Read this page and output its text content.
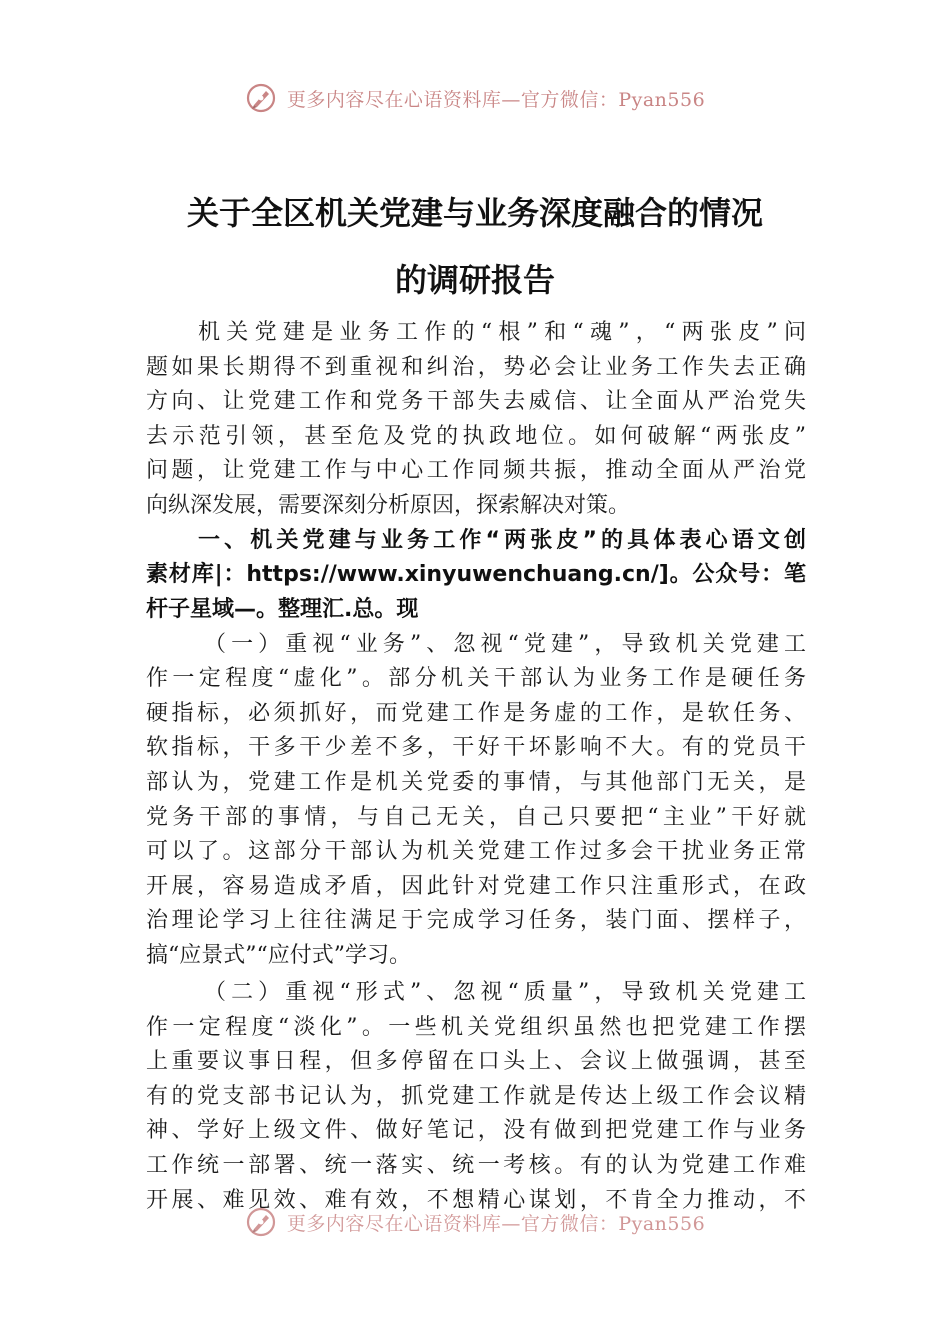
更多内容尽在心语资料库—官方微信：Pyan556
关于全区机关党建与业务深度融合的情况
的调研报告
机关党建是业务工作的“根”和“魂”，“两张皮”问
题如果长期得不到重视和纠治，势必会让业务工作失去正确
方向、让党建工作和党务干部失去威信、让全面从严治党失
去示范引领，甚至危及党的执政地位。如何破解“两张皮”
问题，让党建工作与中心工作同频共振，推动全面从严治党
向纵深发展，需要深刻分析原因，探索解决对策。
一、机关党建与业务工作“两张皮”的具体表心语文创
素材库|：https://www.xinyuwenchuang.cn/]。公众号：笔
杆子星域—。整理汇.总。现
（一）重视“业务”、忽视“党建”，导致机关党建工
作一定程度“虚化”。部分机关干部认为业务工作是硬任务
硬指标，必须抓好，而党建工作是务虚的工作，是软任务、
软指标，干多干少差不多，干好干坏影响不大。有的党员干
部认为，党建工作是机关党委的事情，与其他部门无关，是
党务干部的事情，与自己无关，自己只要把“主业”干好就
可以了。这部分干部认为机关党建工作过多会干扰业务正常
开展，容易造成矛盾，因此针对党建工作只注重形式，在政
治理论学习上往往满足于完成学习任务，装门面、摆样子，
搞“应景式”“应付式”学习。
（二）重视“形式”、忽视“质量”，导致机关党建工
作一定程度“淡化”。一些机关党组织虽然也把党建工作摆
上重要议事日程，但多停留在口头上、会议上做强调，甚至
有的党支部书记认为，抓党建工作就是传达上级工作会议精
神、学好上级文件、做好笔记，没有做到把党建工作与业务
工作统一部署、统一落实、统一考核。有的认为党建工作难
开展、难见效、难有效，不想精心谋划，不肯全力推动，不
更多内容尽在心语资料库—官方微信：Pyan556
